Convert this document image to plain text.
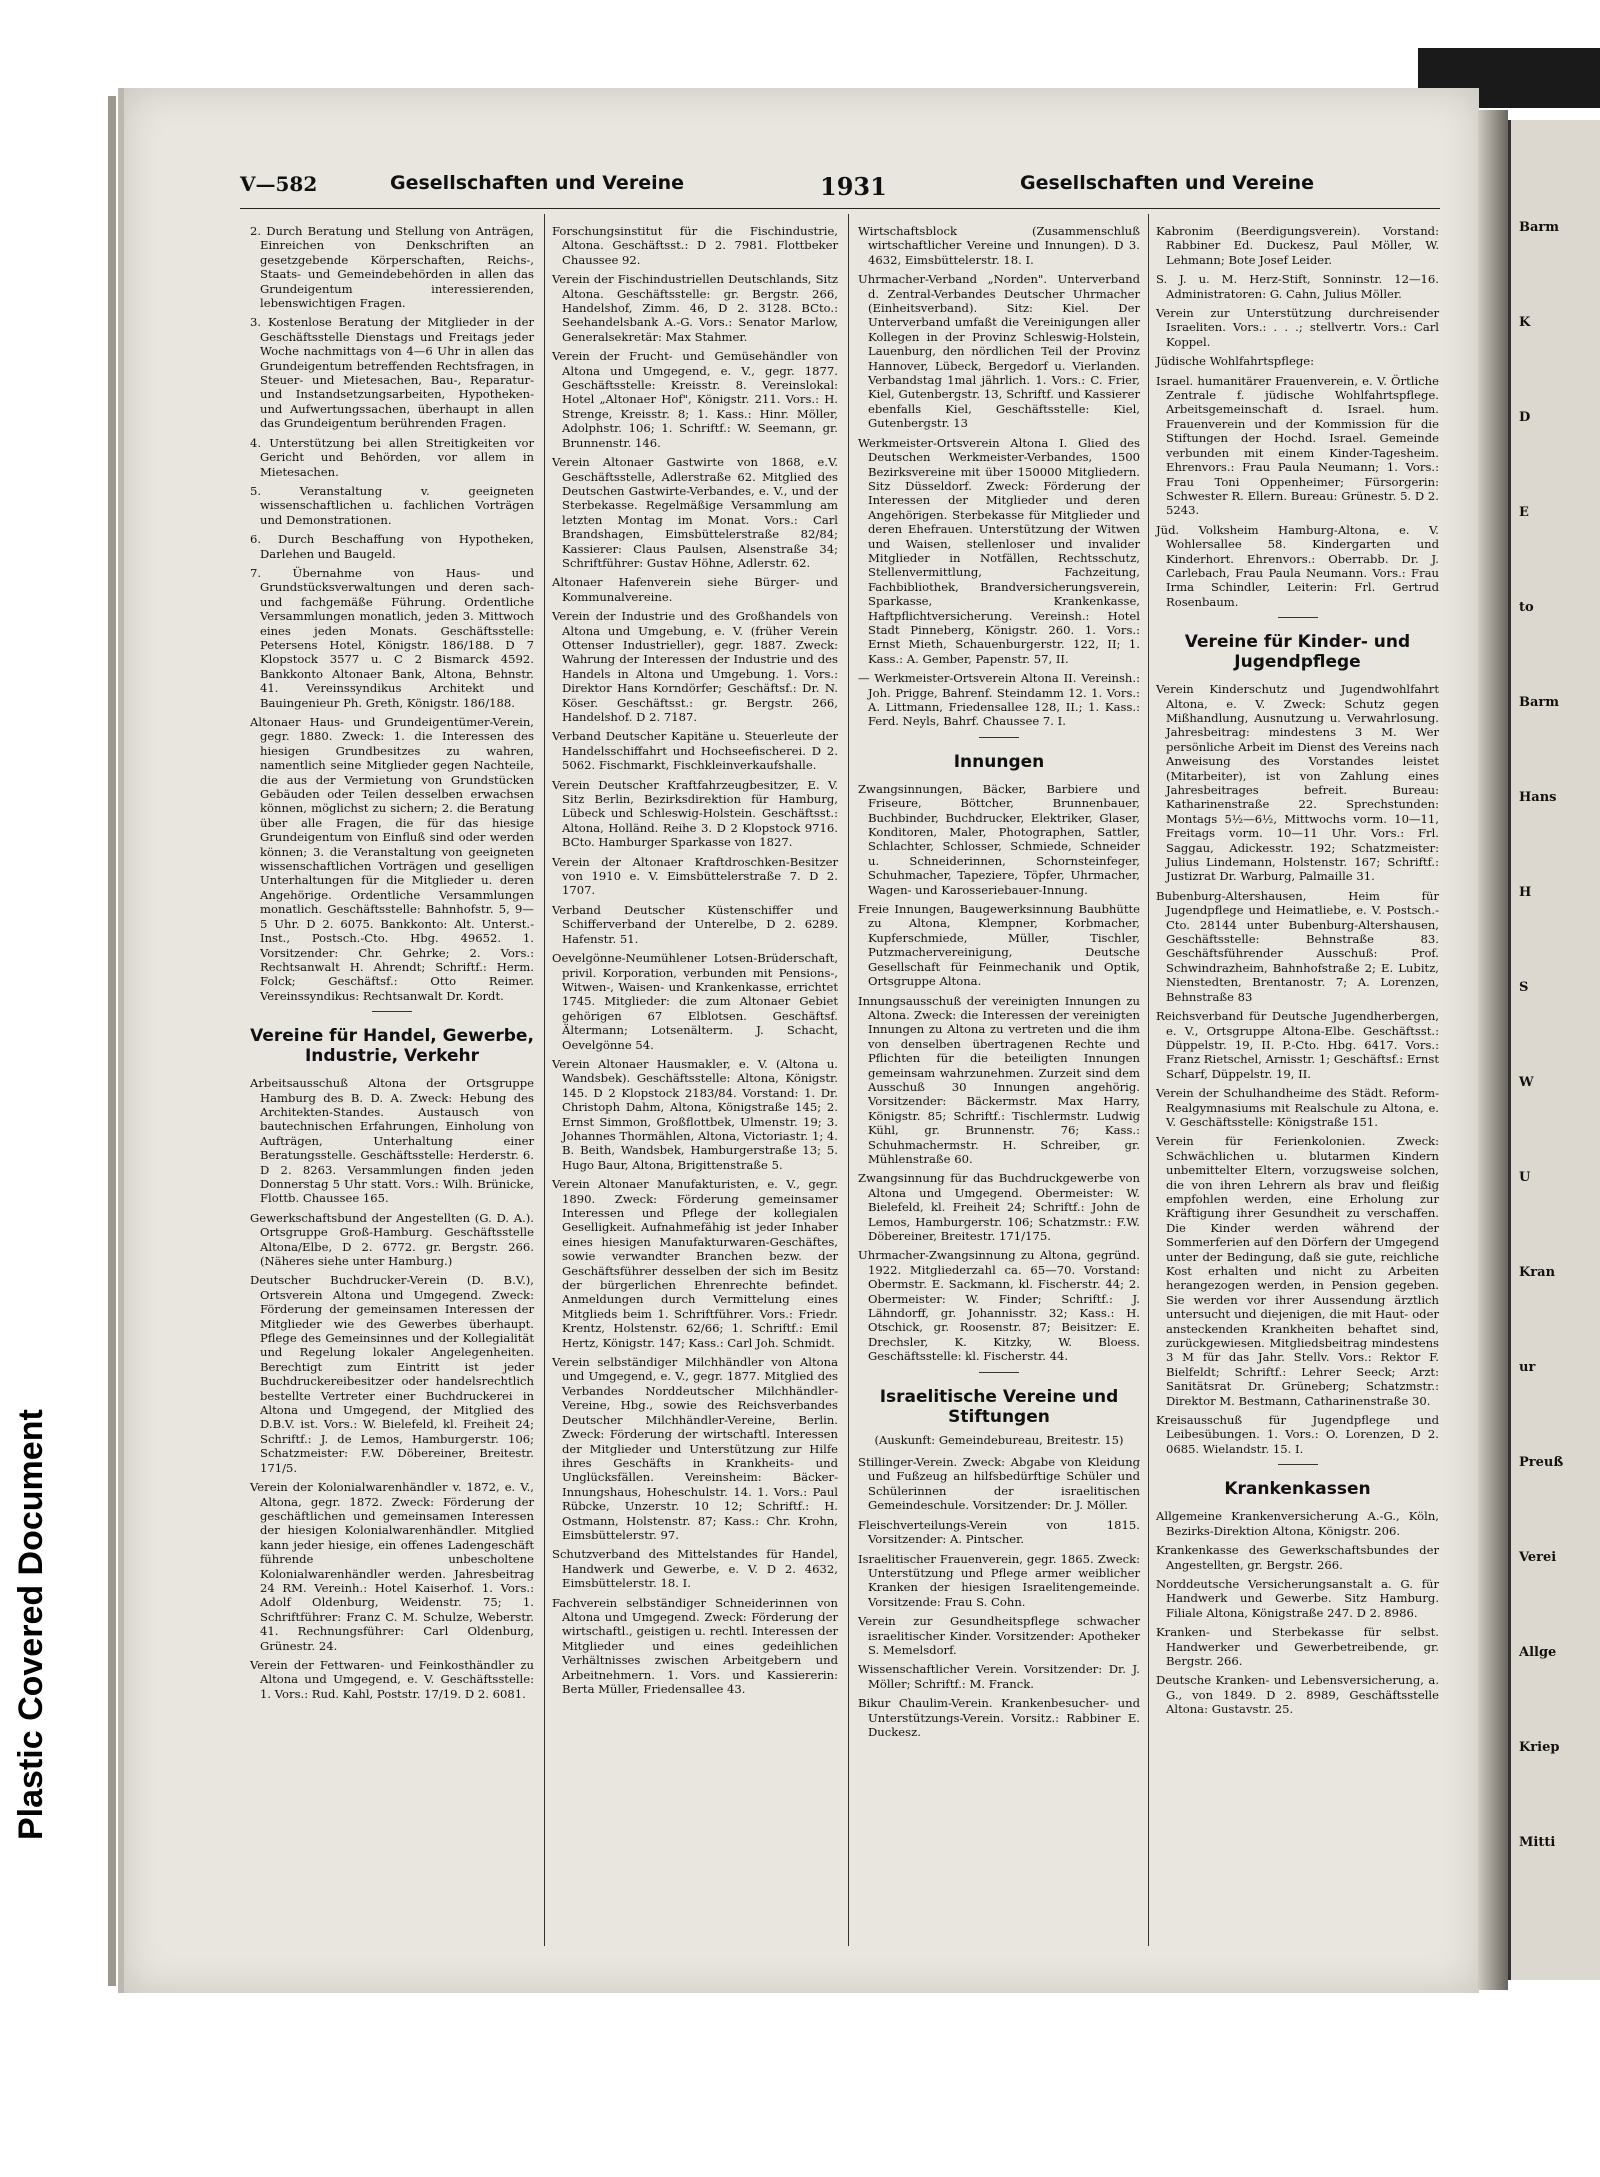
Plastic Covered Document
Barm
K
D
E
to
Barm
Hans
H
S
W
U
Kran
ur
Preuß
Verei
Allge
Kriep
Mitti
V—582	Gesellschaften und Vereine	1931	Gesellschaften und Vereine
2. Durch Beratung und Stellung von Anträgen, Einreichen von Denkschriften an gesetzgebende Körperschaften, Reichs-, Staats- und Gemeindebehörden in allen das Grundeigentum interessierenden, lebenswichtigen Fragen.
3. Kostenlose Beratung der Mitglieder in der Geschäftsstelle Dienstags und Freitags jeder Woche nachmittags von 4—6 Uhr in allen das Grundeigentum betreffenden Rechtsfragen, in Steuer- und Mietesachen, Bau-, Reparatur- und Instandsetzungsarbeiten, Hypotheken- und Aufwertungssachen, überhaupt in allen das Grundeigentum berührenden Fragen.
4. Unterstützung bei allen Streitigkeiten vor Gericht und Behörden, vor allem in Mietesachen.
5. Veranstaltung v. geeigneten wissenschaftlichen u. fachlichen Vorträgen und Demonstrationen.
6. Durch Beschaffung von Hypotheken, Darlehen und Baugeld.
7. Übernahme von Haus- und Grundstücksverwaltungen und deren sach- und fachgemäße Führung. Ordentliche Versammlungen monatlich, jeden 3. Mittwoch eines jeden Monats. Geschäftsstelle: Petersens Hotel, Königstr. 186/188. D 7 Klopstock 3577 u. C 2 Bismarck 4592. Bankkonto Altonaer Bank, Altona, Behnstr. 41. Vereinssyndikus Architekt und Bauingenieur Ph. Greth, Königstr. 186/188.
Altonaer Haus- und Grundeigentümer-Verein, gegr. 1880. Zweck: 1. die Interessen des hiesigen Grundbesitzes zu wahren, namentlich seine Mitglieder gegen Nachteile, die aus der Vermietung von Grundstücken Gebäuden oder Teilen desselben erwachsen können, möglichst zu sichern; 2. die Beratung über alle Fragen, die für das hiesige Grundeigentum von Einfluß sind oder werden können; 3. die Veranstaltung von geeigneten wissenschaftlichen Vorträgen und geselligen Unterhaltungen für die Mitglieder u. deren Angehörige. Ordentliche Versammlungen monatlich. Geschäftsstelle: Bahnhofstr. 5, 9—5 Uhr. D 2. 6075. Bankkonto: Alt. Unterst.-Inst., Postsch.-Cto. Hbg. 49652. 1. Vorsitzender: Chr. Gehrke; 2. Vors.: Rechtsanwalt H. Ahrendt; Schriftf.: Herm. Folck; Geschäftsf.: Otto Reimer. Vereinssyndikus: Rechtsanwalt Dr. Kordt.
Vereine für Handel, Gewerbe, Industrie, Verkehr
Arbeitsausschuß Altona der Ortsgruppe Hamburg des B. D. A. Zweck: Hebung des Architekten-Standes. Austausch von bautechnischen Erfahrungen, Einholung von Aufträgen, Unterhaltung einer Beratungsstelle. Geschäftsstelle: Herderstr. 6. D 2. 8263. Versammlungen finden jeden Donnerstag 5 Uhr statt. Vors.: Wilh. Brünicke, Flottb. Chaussee 165.
Gewerkschaftsbund der Angestellten (G. D. A.). Ortsgruppe Groß-Hamburg. Geschäftsstelle Altona/Elbe, D 2. 6772. gr. Bergstr. 266. (Näheres siehe unter Hamburg.)
Deutscher Buchdrucker-Verein (D. B.V.), Ortsverein Altona und Umgegend. Zweck: Förderung der gemeinsamen Interessen der Mitglieder wie des Gewerbes überhaupt. Pflege des Gemeinsinnes und der Kollegialität und Regelung lokaler Angelegenheiten. Berechtigt zum Eintritt ist jeder Buchdruckereibesitzer oder handelsrechtlich bestellte Vertreter einer Buchdruckerei in Altona und Umgegend, der Mitglied des D.B.V. ist. Vors.: W. Bielefeld, kl. Freiheit 24; Schriftf.: J. de Lemos, Hamburgerstr. 106; Schatzmeister: F.W. Döbereiner, Breitestr. 171/5.
Verein der Kolonialwarenhändler v. 1872, e. V., Altona, gegr. 1872. Zweck: Förderung der geschäftlichen und gemeinsamen Interessen der hiesigen Kolonialwarenhändler. Mitglied kann jeder hiesige, ein offenes Ladengeschäft führende unbescholtene Kolonialwarenhändler werden. Jahresbeitrag 24 RM. Vereinh.: Hotel Kaiserhof. 1. Vors.: Adolf Oldenburg, Weidenstr. 75; 1. Schriftführer: Franz C. M. Schulze, Weberstr. 41. Rechnungsführer: Carl Oldenburg, Grünestr. 24.
Verein der Fettwaren- und Feinkosthändler zu Altona und Umgegend, e. V. Geschäftsstelle: 1. Vors.: Rud. Kahl, Poststr. 17/19. D 2. 6081.
Forschungsinstitut für die Fischindustrie, Altona. Geschäftsst.: D 2. 7981. Flottbeker Chaussee 92.
Verein der Fischindustriellen Deutschlands, Sitz Altona. Geschäftsstelle: gr. Bergstr. 266, Handelshof, Zimm. 46, D 2. 3128. BCto.: Seehandelsbank A.-G. Vors.: Senator Marlow, Generalsekretär: Max Stahmer.
Verein der Frucht- und Gemüsehändler von Altona und Umgegend, e. V., gegr. 1877. Geschäftsstelle: Kreisstr. 8. Vereinslokal: Hotel „Altonaer Hof", Königstr. 211. Vors.: H. Strenge, Kreisstr. 8; 1. Kass.: Hinr. Möller, Adolphstr. 106; 1. Schriftf.: W. Seemann, gr. Brunnenstr. 146.
Verein Altonaer Gastwirte von 1868, e.V. Geschäftsstelle, Adlerstraße 62. Mitglied des Deutschen Gastwirte-Verbandes, e. V., und der Sterbekasse. Regelmäßige Versammlung am letzten Montag im Monat. Vors.: Carl Brandshagen, Eimsbüttelerstraße 82/84; Kassierer: Claus Paulsen, Alsenstraße 34; Schriftführer: Gustav Höhne, Adlerstr. 62.
Altonaer Hafenverein siehe Bürger- und Kommunalvereine.
Verein der Industrie und des Großhandels von Altona und Umgebung, e. V. (früher Verein Ottenser Industrieller), gegr. 1887. Zweck: Wahrung der Interessen der Industrie und des Handels in Altona und Umgebung. 1. Vors.: Direktor Hans Korndörfer; Geschäftsf.: Dr. N. Köser. Geschäftsst.: gr. Bergstr. 266, Handelshof. D 2. 7187.
Verband Deutscher Kapitäne u. Steuerleute der Handelsschiffahrt und Hochseefischerei. D 2. 5062. Fischmarkt, Fischkleinverkaufshalle.
Verein Deutscher Kraftfahrzeugbesitzer, E. V. Sitz Berlin, Bezirksdirektion für Hamburg, Lübeck und Schleswig-Holstein. Geschäftsst.: Altona, Holländ. Reihe 3. D 2 Klopstock 9716. BCto. Hamburger Sparkasse von 1827.
Verein der Altonaer Kraftdroschken-Besitzer von 1910 e. V. Eimsbüttelerstraße 7. D 2. 1707.
Verband Deutscher Küstenschiffer und Schifferverband der Unterelbe, D 2. 6289. Hafenstr. 51.
Oevelgönne-Neumühlener Lotsen-Brüderschaft, privil. Korporation, verbunden mit Pensions-, Witwen-, Waisen- und Krankenkasse, errichtet 1745. Mitglieder: die zum Altonaer Gebiet gehörigen 67 Elblotsen. Geschäftsf. Ältermann; Lotsenälterm. J. Schacht, Oevelgönne 54.
Verein Altonaer Hausmakler, e. V. (Altona u. Wandsbek). Geschäftsstelle: Altona, Königstr. 145. D 2 Klopstock 2183/84. Vorstand: 1. Dr. Christoph Dahm, Altona, Königstraße 145; 2. Ernst Simmon, Großflottbek, Ulmenstr. 19; 3. Johannes Thormählen, Altona, Victoriastr. 1; 4. B. Beith, Wandsbek, Hamburgerstraße 13; 5. Hugo Baur, Altona, Brigittenstraße 5.
Verein Altonaer Manufakturisten, e. V., gegr. 1890. Zweck: Förderung gemeinsamer Interessen und Pflege der kollegialen Geselligkeit. Aufnahmefähig ist jeder Inhaber eines hiesigen Manufakturwaren-Geschäftes, sowie verwandter Branchen bezw. der Geschäftsführer desselben der sich im Besitz der bürgerlichen Ehrenrechte befindet. Anmeldungen durch Vermittelung eines Mitglieds beim 1. Schriftführer. Vors.: Friedr. Krentz, Holstenstr. 62/66; 1. Schriftf.: Emil Hertz, Königstr. 147; Kass.: Carl Joh. Schmidt.
Verein selbständiger Milchhändler von Altona und Umgegend, e. V., gegr. 1877. Mitglied des Verbandes Norddeutscher Milchhändler-Vereine, Hbg., sowie des Reichsverbandes Deutscher Milchhändler-Vereine, Berlin. Zweck: Förderung der wirtschaftl. Interessen der Mitglieder und Unterstützung zur Hilfe ihres Geschäfts in Krankheits- und Unglücksfällen. Vereinsheim: Bäcker-Innungshaus, Hoheschulstr. 14. 1. Vors.: Paul Rübcke, Unzerstr. 10 12; Schriftf.: H. Ostmann, Holstenstr. 87; Kass.: Chr. Krohn, Eimsbüttelerstr. 97.
Schutzverband des Mittelstandes für Handel, Handwerk und Gewerbe, e. V. D 2. 4632, Eimsbüttelerstr. 18. I.
Fachverein selbständiger Schneiderinnen von Altona und Umgegend. Zweck: Förderung der wirtschaftl., geistigen u. rechtl. Interessen der Mitglieder und eines gedeihlichen Verhältnisses zwischen Arbeitgebern und Arbeitnehmern. 1. Vors. und Kassiererin: Berta Müller, Friedensallee 43.
Wirtschaftsblock (Zusammenschluß wirtschaftlicher Vereine und Innungen). D 3. 4632, Eimsbüttelerstr. 18. I.
Uhrmacher-Verband „Norden". Unterverband d. Zentral-Verbandes Deutscher Uhrmacher (Einheitsverband). Sitz: Kiel. Der Unterverband umfaßt die Vereinigungen aller Kollegen in der Provinz Schleswig-Holstein, Lauenburg, den nördlichen Teil der Provinz Hannover, Lübeck, Bergedorf u. Vierlanden. Verbandstag 1mal jährlich. 1. Vors.: C. Frier, Kiel, Gutenbergstr. 13, Schriftf. und Kassierer ebenfalls Kiel, Geschäftsstelle: Kiel, Gutenbergstr. 13
Werkmeister-Ortsverein Altona I. Glied des Deutschen Werkmeister-Verbandes, 1500 Bezirksvereine mit über 150000 Mitgliedern. Sitz Düsseldorf. Zweck: Förderung der Interessen der Mitglieder und deren Angehörigen. Sterbekasse für Mitglieder und deren Ehefrauen. Unterstützung der Witwen und Waisen, stellenloser und invalider Mitglieder in Notfällen, Rechtsschutz, Stellenvermittlung, Fachzeitung, Fachbibliothek, Brandversicherungsverein, Sparkasse, Krankenkasse, Haftpflichtversicherung. Vereinsh.: Hotel Stadt Pinneberg, Königstr. 260. 1. Vors.: Ernst Mieth, Schauenburgerstr. 122, II; 1. Kass.: A. Gember, Papenstr. 57, II.
— Werkmeister-Ortsverein Altona II. Vereinsh.: Joh. Prigge, Bahrenf. Steindamm 12. 1. Vors.: A. Littmann, Friedensallee 128, II.; 1. Kass.: Ferd. Neyls, Bahrf. Chaussee 7. I.
Innungen
Zwangsinnungen, Bäcker, Barbiere und Friseure, Böttcher, Brunnenbauer, Buchbinder, Buchdrucker, Elektriker, Glaser, Konditoren, Maler, Photographen, Sattler, Schlachter, Schlosser, Schmiede, Schneider u. Schneiderinnen, Schornsteinfeger, Schuhmacher, Tapeziere, Töpfer, Uhrmacher, Wagen- und Karosseriebauer-Innung.
Freie Innungen, Baugewerksinnung Baubhütte zu Altona, Klempner, Korbmacher, Kupferschmiede, Müller, Tischler, Putzmachervereinigung, Deutsche Gesellschaft für Feinmechanik und Optik, Ortsgruppe Altona.
Innungsausschuß der vereinigten Innungen zu Altona. Zweck: die Interessen der vereinigten Innungen zu Altona zu vertreten und die ihm von denselben übertragenen Rechte und Pflichten für die beteiligten Innungen gemeinsam wahrzunehmen. Zurzeit sind dem Ausschuß 30 Innungen angehörig. Vorsitzender: Bäckermstr. Max Harry, Königstr. 85; Schriftf.: Tischlermstr. Ludwig Kühl, gr. Brunnenstr. 76; Kass.: Schuhmachermstr. H. Schreiber, gr. Mühlenstraße 60.
Zwangsinnung für das Buchdruckgewerbe von Altona und Umgegend. Obermeister: W. Bielefeld, kl. Freiheit 24; Schriftf.: John de Lemos, Hamburgerstr. 106; Schatzmstr.: F.W. Döbereiner, Breitestr. 171/175.
Uhrmacher-Zwangsinnung zu Altona, gegründ. 1922. Mitgliederzahl ca. 65—70. Vorstand: Obermstr. E. Sackmann, kl. Fischerstr. 44; 2. Obermeister: W. Finder; Schriftf.: J. Lähndorff, gr. Johannisstr. 32; Kass.: H. Otschick, gr. Roosenstr. 87; Beisitzer: E. Drechsler, K. Kitzky, W. Bloess. Geschäftsstelle: kl. Fischerstr. 44.
Israelitische Vereine und Stiftungen
(Auskunft: Gemeindebureau, Breitestr. 15)
Stillinger-Verein. Zweck: Abgabe von Kleidung und Fußzeug an hilfsbedürftige Schüler und Schülerinnen der israelitischen Gemeindeschule. Vorsitzender: Dr. J. Möller.
Fleischverteilungs-Verein von 1815. Vorsitzender: A. Pintscher.
Israelitischer Frauenverein, gegr. 1865. Zweck: Unterstützung und Pflege armer weiblicher Kranken der hiesigen Israelitengemeinde. Vorsitzende: Frau S. Cohn.
Verein zur Gesundheitspflege schwacher israelitischer Kinder. Vorsitzender: Apotheker S. Memelsdorf.
Wissenschaftlicher Verein. Vorsitzender: Dr. J. Möller; Schriftf.: M. Franck.
Bikur Chaulim-Verein. Krankenbesucher- und Unterstützungs-Verein. Vorsitz.: Rabbiner E. Duckesz.
Kabronim (Beerdigungsverein). Vorstand: Rabbiner Ed. Duckesz, Paul Möller, W. Lehmann; Bote Josef Leider.
S. J. u. M. Herz-Stift, Sonninstr. 12—16. Administratoren: G. Cahn, Julius Möller.
Verein zur Unterstützung durchreisender Israeliten. Vors.: . . .; stellvertr. Vors.: Carl Koppel.
Jüdische Wohlfahrtspflege:
Israel. humanitärer Frauenverein, e. V. Örtliche Zentrale f. jüdische Wohlfahrtspflege. Arbeitsgemeinschaft d. Israel. hum. Frauenverein und der Kommission für die Stiftungen der Hochd. Israel. Gemeinde verbunden mit einem Kinder-Tagesheim. Ehrenvors.: Frau Paula Neumann; 1. Vors.: Frau Toni Oppenheimer; Fürsorgerin: Schwester R. Ellern. Bureau: Grünestr. 5. D 2. 5243.
Jüd. Volksheim Hamburg-Altona, e. V. Wohlersallee 58. Kindergarten und Kinderhort. Ehrenvors.: Oberrabb. Dr. J. Carlebach, Frau Paula Neumann. Vors.: Frau Irma Schindler, Leiterin: Frl. Gertrud Rosenbaum.
Vereine für Kinder- und Jugendpflege
Verein Kinderschutz und Jugendwohlfahrt Altona, e. V. Zweck: Schutz gegen Mißhandlung, Ausnutzung u. Verwahrlosung. Jahresbeitrag: mindestens 3 M. Wer persönliche Arbeit im Dienst des Vereins nach Anweisung des Vorstandes leistet (Mitarbeiter), ist von Zahlung eines Jahresbeitrages befreit. Bureau: Katharinenstraße 22. Sprechstunden: Montags 5½—6½, Mittwochs vorm. 10—11, Freitags vorm. 10—11 Uhr. Vors.: Frl. Saggau, Adickesstr. 192; Schatzmeister: Julius Lindemann, Holstenstr. 167; Schriftf.: Justizrat Dr. Warburg, Palmaille 31.
Bubenburg-Altershausen, Heim für Jugendpflege und Heimatliebe, e. V. Postsch.-Cto. 28144 unter Bubenburg-Altershausen, Geschäftsstelle: Behnstraße 83. Geschäftsführender Ausschuß: Prof. Schwindrazheim, Bahnhofstraße 2; E. Lubitz, Nienstedten, Brentanostr. 7; A. Lorenzen, Behnstraße 83
Reichsverband für Deutsche Jugendherbergen, e. V., Ortsgruppe Altona-Elbe. Geschäftsst.: Düppelstr. 19, II. P.-Cto. Hbg. 6417. Vors.: Franz Rietschel, Arnisstr. 1; Geschäftsf.: Ernst Scharf, Düppelstr. 19, II.
Verein der Schulhandheime des Städt. Reform-Realgymnasiums mit Realschule zu Altona, e. V. Geschäftsstelle: Königstraße 151.
Verein für Ferienkolonien. Zweck: Schwächlichen u. blutarmen Kindern unbemittelter Eltern, vorzugsweise solchen, die von ihren Lehrern als brav und fleißig empfohlen werden, eine Erholung zur Kräftigung ihrer Gesundheit zu verschaffen. Die Kinder werden während der Sommerferien auf den Dörfern der Umgegend unter der Bedingung, daß sie gute, reichliche Kost erhalten und nicht zu Arbeiten herangezogen werden, in Pension gegeben. Sie werden vor ihrer Aussendung ärztlich untersucht und diejenigen, die mit Haut- oder ansteckenden Krankheiten behaftet sind, zurückgewiesen. Mitgliedsbeitrag mindestens 3 M für das Jahr. Stellv. Vors.: Rektor F. Bielfeldt; Schriftf.: Lehrer Seeck; Arzt: Sanitätsrat Dr. Grüneberg; Schatzmstr.: Direktor M. Bestmann, Catharinenstraße 30.
Kreisausschuß für Jugendpflege und Leibesübungen. 1. Vors.: O. Lorenzen, D 2. 0685. Wielandstr. 15. I.
Krankenkassen
Allgemeine Krankenversicherung A.-G., Köln, Bezirks-Direktion Altona, Königstr. 206.
Krankenkasse des Gewerkschaftsbundes der Angestellten, gr. Bergstr. 266.
Norddeutsche Versicherungsanstalt a. G. für Handwerk und Gewerbe. Sitz Hamburg. Filiale Altona, Königstraße 247. D 2. 8986.
Kranken- und Sterbekasse für selbst. Handwerker und Gewerbetreibende, gr. Bergstr. 266.
Deutsche Kranken- und Lebensversicherung, a. G., von 1849. D 2. 8989, Geschäftsstelle Altona: Gustavstr. 25.
